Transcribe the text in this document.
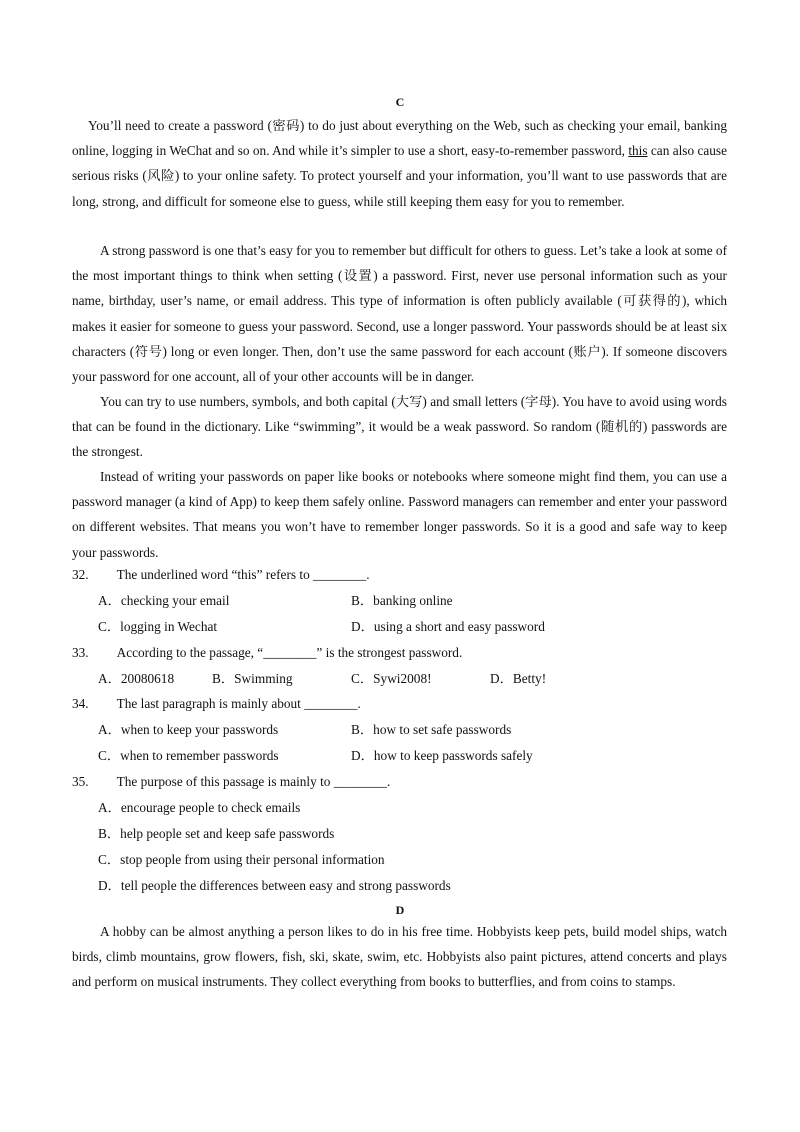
C
You’ll need to create a password (密码) to do just about everything on the Web, such as checking your email, banking online, logging in WeChat and so on. And while it’s simpler to use a short, easy-to-remember password, this can also cause serious risks (风险) to your online safety. To protect yourself and your information, you’ll want to use passwords that are long, strong, and difficult for someone else to guess, while still keeping them easy for you to remember.
A strong password is one that’s easy for you to remember but difficult for others to guess. Let’s take a look at some of the most important things to think when setting (设置) a password. First, never use personal information such as your name, birthday, user’s name, or email address. This type of information is often publicly available (可获得的), which makes it easier for someone to guess your password. Second, use a longer password. Your passwords should be at least six characters (符号) long or even longer. Then, don’t use the same password for each account (账户). If someone discovers your password for one account, all of your other accounts will be in danger.
You can try to use numbers, symbols, and both capital (大写) and small letters (字母). You have to avoid using words that can be found in the dictionary. Like “swimming”, it would be a weak password. So random (随机的) passwords are the strongest.
Instead of writing your passwords on paper like books or notebooks where someone might find them, you can use a password manager (a kind of App) to keep them safely online. Password managers can remember and enter your password on different websites. That means you won’t have to remember longer passwords. So it is a good and safe way to keep your passwords.
32. The underlined word “this” refers to ________.
A．checking your email	B．banking online
C．logging in Wechat	D．using a short and easy password
33. According to the passage, “________” is the strongest password.
A．20080618	B．Swimming	C．Sywi2008!	D．Betty!
34. The last paragraph is mainly about ________.
A．when to keep your passwords	B．how to set safe passwords
C．when to remember passwords	D．how to keep passwords safely
35. The purpose of this passage is mainly to ________.
A．encourage people to check emails
B．help people set and keep safe passwords
C．stop people from using their personal information
D．tell people the differences between easy and strong passwords
D
A hobby can be almost anything a person likes to do in his free time. Hobbyists keep pets, build model ships, watch birds, climb mountains, grow flowers, fish, ski, skate, swim, etc. Hobbyists also paint pictures, attend concerts and plays and perform on musical instruments. They collect everything from books to butterflies, and from coins to stamps.
